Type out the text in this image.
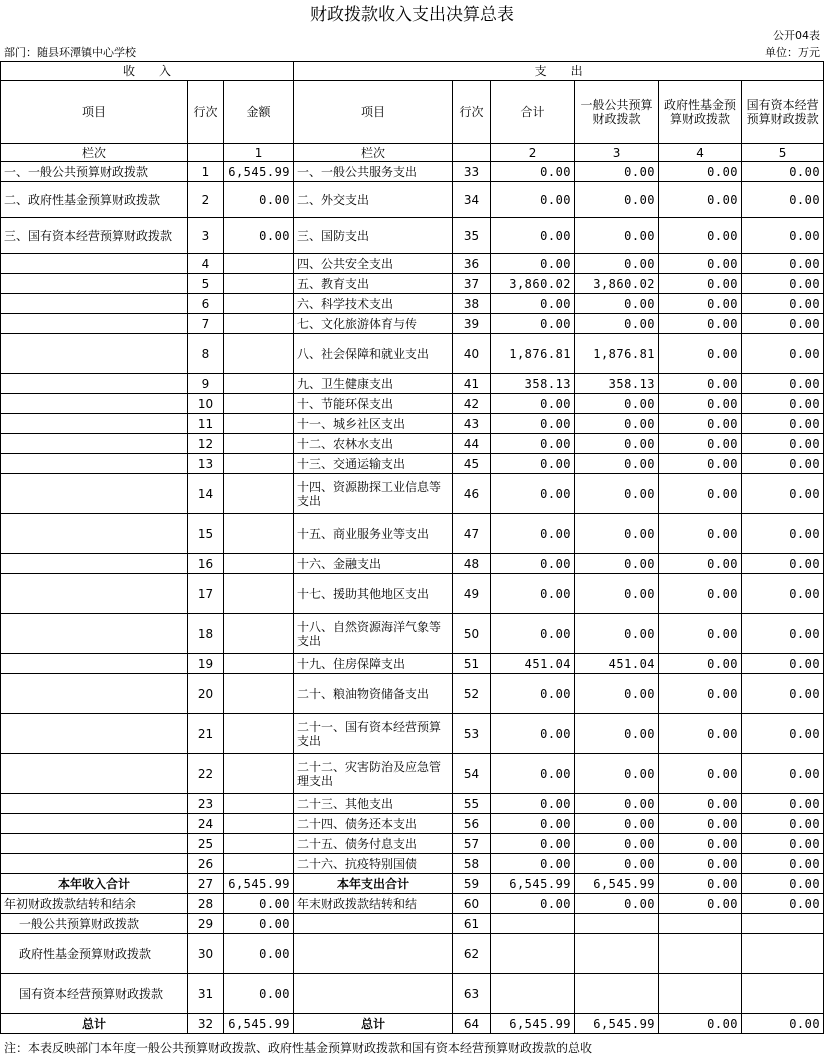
财政拨款收入支出决算总表
公开04表
部门：随县环潭镇中心学校	单位：万元
收　　入			支　　出					
项目	行次	金额	项目	行次	合计	一般公共预算财政拨款	政府性基金预算财政拨款	国有资本经营预算财政拨款
栏次		1	栏次		2	3	4	5
一、一般公共预算财政拨款	1	6,545.99	一、一般公共服务支出	33	0.00	0.00	0.00	0.00
二、政府性基金预算财政拨款	2	0.00	二、外交支出	34	0.00	0.00	0.00	0.00
三、国有资本经营预算财政拨款	3	0.00	三、国防支出	35	0.00	0.00	0.00	0.00
	4		四、公共安全支出	36	0.00	0.00	0.00	0.00
	5		五、教育支出	37	3,860.02	3,860.02	0.00	0.00
	6		六、科学技术支出	38	0.00	0.00	0.00	0.00
	7		七、文化旅游体育与传	39	0.00	0.00	0.00	0.00
	8		八、社会保障和就业支出	40	1,876.81	1,876.81	0.00	0.00
	9		九、卫生健康支出	41	358.13	358.13	0.00	0.00
	10		十、节能环保支出	42	0.00	0.00	0.00	0.00
	11		十一、城乡社区支出	43	0.00	0.00	0.00	0.00
	12		十二、农林水支出	44	0.00	0.00	0.00	0.00
	13		十三、交通运输支出	45	0.00	0.00	0.00	0.00
	14		十四、资源勘探工业信息等支出	46	0.00	0.00	0.00	0.00
	15		十五、商业服务业等支出	47	0.00	0.00	0.00	0.00
	16		十六、金融支出	48	0.00	0.00	0.00	0.00
	17		十七、援助其他地区支出	49	0.00	0.00	0.00	0.00
	18		十八、自然资源海洋气象等支出	50	0.00	0.00	0.00	0.00
	19		十九、住房保障支出	51	451.04	451.04	0.00	0.00
	20		二十、粮油物资储备支出	52	0.00	0.00	0.00	0.00
	21		二十一、国有资本经营预算支出	53	0.00	0.00	0.00	0.00
	22		二十二、灾害防治及应急管理支出	54	0.00	0.00	0.00	0.00
	23		二十三、其他支出	55	0.00	0.00	0.00	0.00
	24		二十四、债务还本支出	56	0.00	0.00	0.00	0.00
	25		二十五、债务付息支出	57	0.00	0.00	0.00	0.00
	26		二十六、抗疫特别国债	58	0.00	0.00	0.00	0.00
本年收入合计	27	6,545.99	本年支出合计	59	6,545.99	6,545.99	0.00	0.00
年初财政拨款结转和结余	28	0.00	年末财政拨款结转和结	60	0.00	0.00	0.00	0.00
一般公共预算财政拨款	29	0.00		61				
政府性基金预算财政拨款	30	0.00		62				
国有资本经营预算财政拨款	31	0.00		63				
总计	32	6,545.99	总计	64	6,545.99	6,545.99	0.00	0.00
注：本表反映部门本年度一般公共预算财政拨款、政府性基金预算财政拨款和国有资本经营预算财政拨款的总收
